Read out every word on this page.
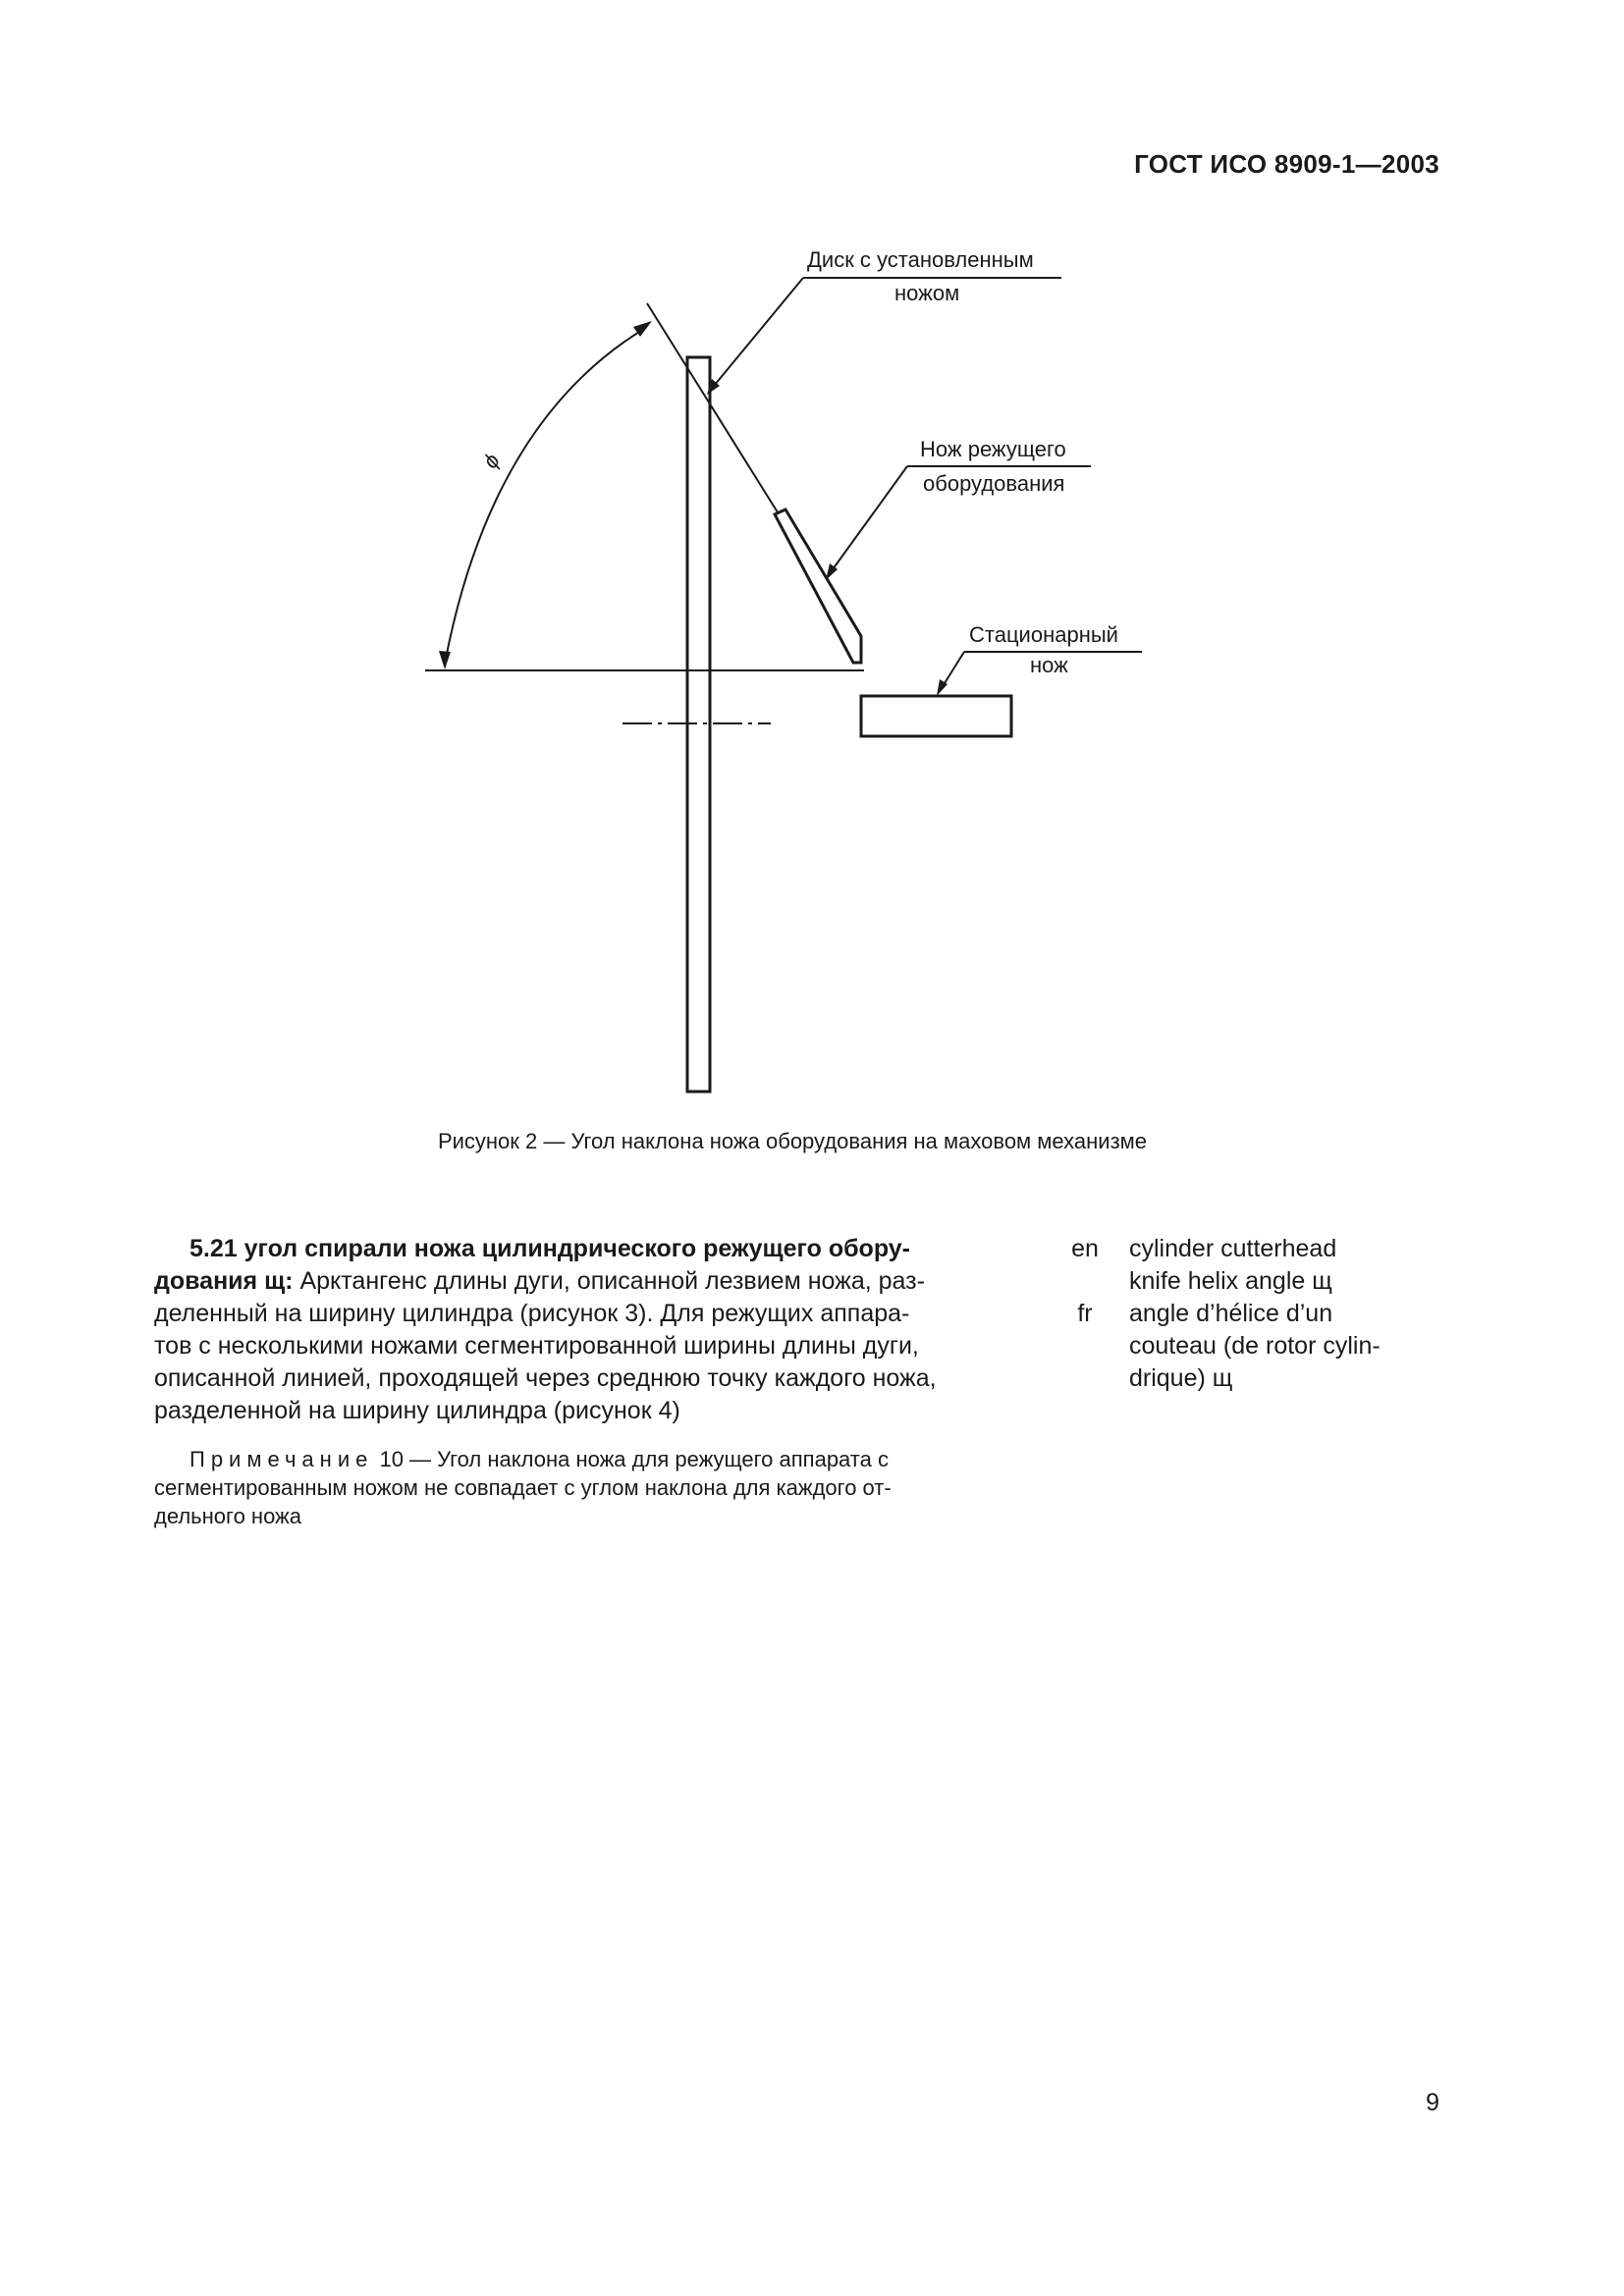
ГОСТ ИСО 8909-1—2003
ϕ
Диск с установленным
ножом
Нож режущего
оборудования
Стационарный
нож
Рисунок 2 — Угол наклона ножа оборудования на маховом механизме

5.21 угол спирали ножа цилиндрического режущего обору-

дования щ: Арктангенс длины дуги, описанной лезвием ножа, раз-

деленный на ширину цилиндра (рисунок 3). Для режущих аппара-

тов с несколькими ножами сегментированной ширины длины дуги,

описанной линией, проходящей через среднюю точку каждого ножа,

разделенной на ширину цилиндра (рисунок 4)

Примечание 10 — Угол наклона ножа для режущего аппарата с

сегментированным ножом не совпадает с углом наклона для каждого от-

дельного ножа

en	cylinder cutterhead
knife helix angle щ
fr	angle d’hélice d’un
couteau (de rotor cylin-
drique) щ
9
